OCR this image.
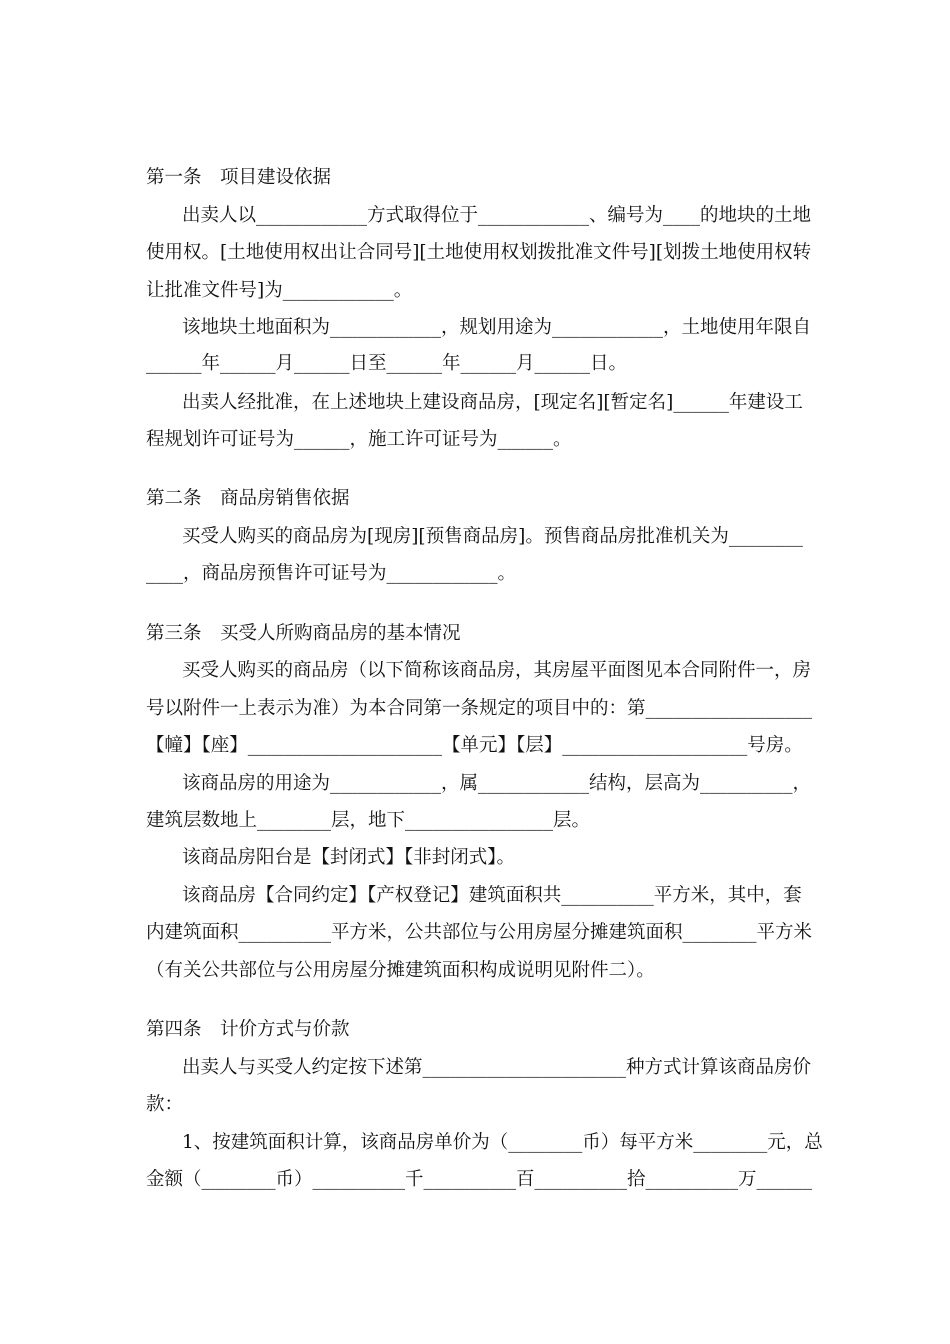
第一条　项目建设依据
出卖人以____________方式取得位于____________、编号为____的地块的土地
使用权。[土地使用权出让合同号][土地使用权划拨批准文件号][划拨土地使用权转
让批准文件号]为____________。
该地块土地面积为____________，规划用途为____________，土地使用年限自
______年______月______日至______年______月______日。
出卖人经批准，在上述地块上建设商品房，[现定名][暂定名]______年建设工
程规划许可证号为______，施工许可证号为______。
第二条　商品房销售依据
买受人购买的商品房为[现房][预售商品房]。预售商品房批准机关为________
____，商品房预售许可证号为____________。
第三条　买受人所购商品房的基本情况
买受人购买的商品房（以下简称该商品房，其房屋平面图见本合同附件一，房
号以附件一上表示为准）为本合同第一条规定的项目中的：第__________________
【幢】【座】_____________________【单元】【层】____________________号房。
该商品房的用途为____________，属____________结构，层高为__________，
建筑层数地上________层，地下________________层。
该商品房阳台是【封闭式】【非封闭式】。
该商品房【合同约定】【产权登记】建筑面积共__________平方米，其中，套
内建筑面积__________平方米，公共部位与公用房屋分摊建筑面积________平方米
（有关公共部位与公用房屋分摊建筑面积构成说明见附件二）。
第四条　计价方式与价款
出卖人与买受人约定按下述第______________________种方式计算该商品房价
款：
1、按建筑面积计算，该商品房单价为（________币）每平方米________元，总
金额（________币）__________千__________百__________拾__________万______
